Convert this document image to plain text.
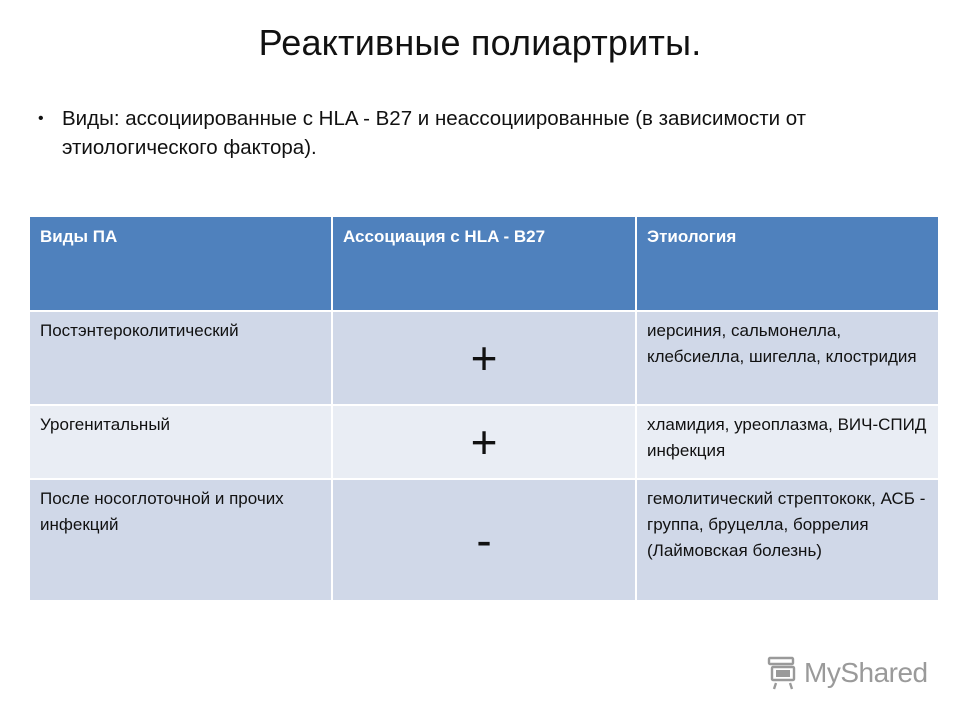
Реактивные полиартриты.
• Виды: ассоциированные с HLA - B27 и неассоциированные (в зависимости от этиологического фактора).
Виды ПА	Ассоциация с HLA - B27	Этиология
Постэнтероколитический	+	иерсиния, сальмонелла, клебсиелла, шигелла, клостридия
Урогенитальный	+	хламидия, уреоплазма, ВИЧ-СПИД инфекция
После носоглоточной и прочих инфекций	-	гемолитический стрептококк, АСБ - группа, бруцелла, боррелия (Лаймовская болезнь)
MyShared
